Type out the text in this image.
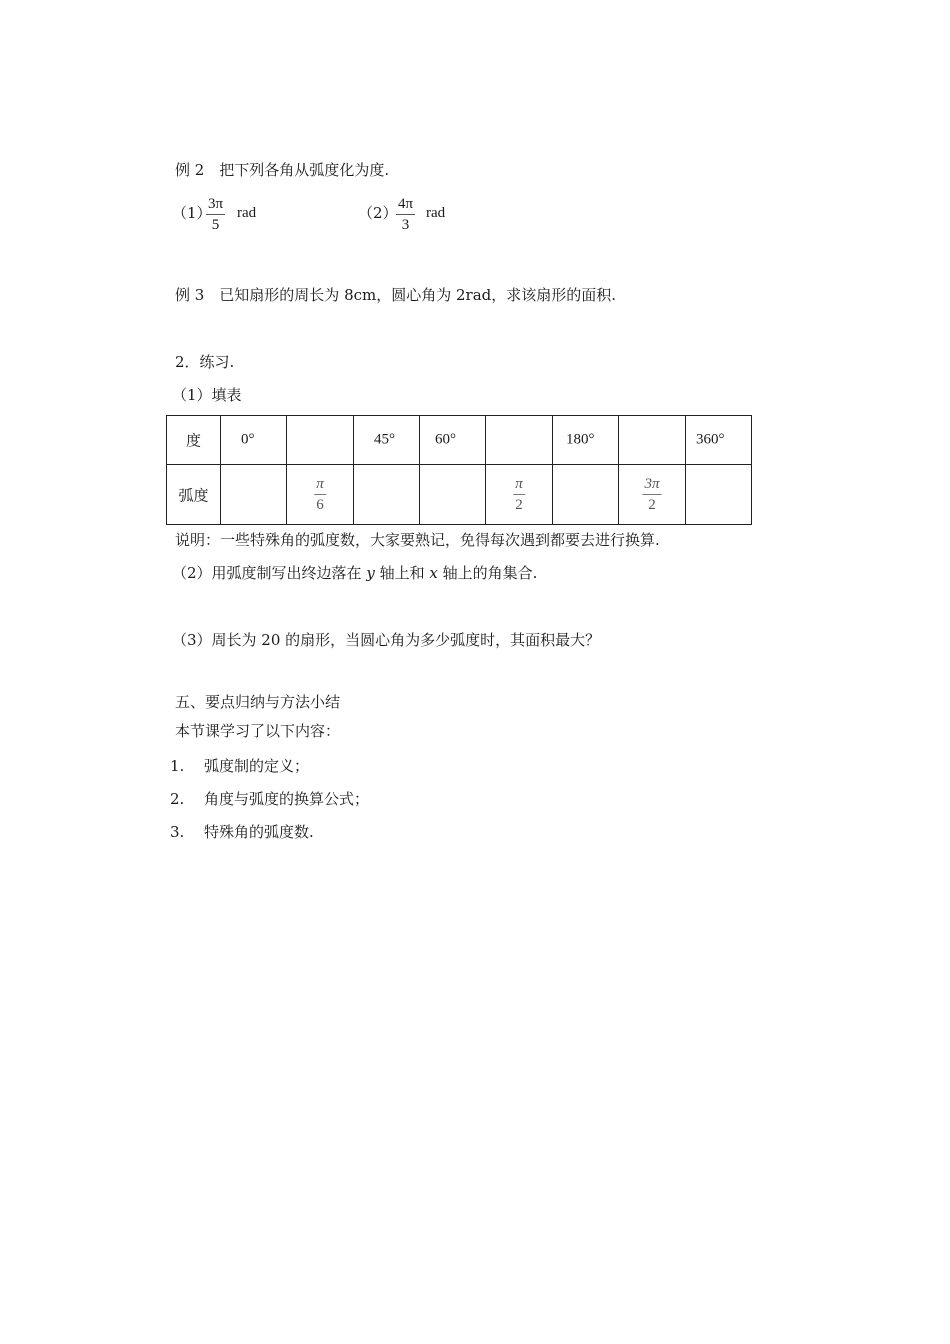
例 2　把下列各角从弧度化为度.
（1）
$\frac{3\pi}{5}$ rad	（2）
$\frac{4\pi}{3}$ rad
例 3　已知扇形的周长为 8cm，圆心角为 2rad，求该扇形的面积.
2．练习.
（1）填表
度	0°		45°	60°		180°		360°

弧度		$\frac{\pi}{6}$			$\frac{\pi}{2}$		$\frac{3\pi}{2}$

说明：一些特殊角的弧度数，大家要熟记，免得每次遇到都要去进行换算.
（2）用弧度制写出终边落在 y 轴上和 x 轴上的角集合.
（3）周长为 20 的扇形，当圆心角为多少弧度时，其面积最大？
五、要点归纳与方法小结
本节课学习了以下内容：
1. 弧度制的定义；
2. 角度与弧度的换算公式；
3. 特殊角的弧度数.
